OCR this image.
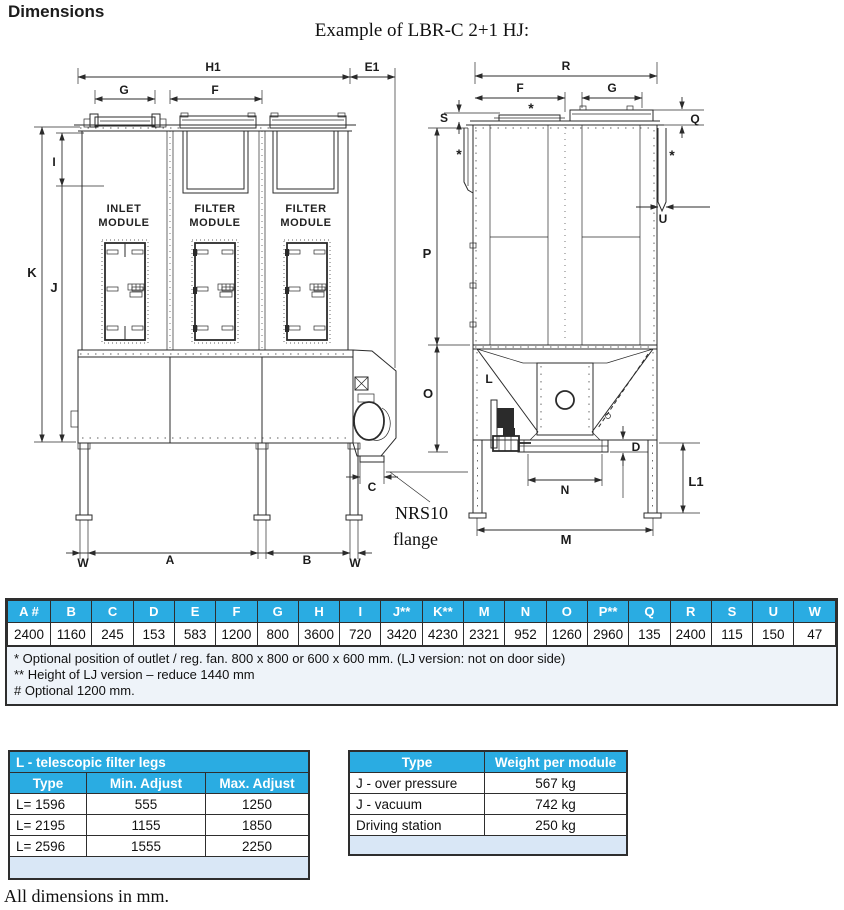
Dimensions
Example of LBR-C 2+1 HJ:
H1	E1
G	F
I
K
J
W	A	B	W
C
INLET
MODULE
FILTER
MODULE
FILTER
MODULE
NRS10
flange
R
F	G
S	Q
U
P
O
L
D
N
L1
M
*
*	*
A #	B	C	D	E	F	G	H	I	J**	K**	M	N	O	P**	Q	R	S	U	W
2400	1160	245	153	583	1200	800	3600	720	3420	4230	2321	952	1260	2960	135	2400	115	150	47
* Optional position of outlet / reg. fan. 800 x 800 or 600 x 600 mm. (LJ version: not on door side)
** Height of LJ version – reduce 1440 mm
# Optional 1200 mm.
L - telescopic filter legs		
Type	Min. Adjust	Max. Adjust
L= 1596	555	1250
L= 2195	1155	1850
L= 2596	1555	2250

Type	Weight per module
J - over pressure	567 kg
J - vacuum	742 kg
Driving station	250 kg

All dimensions in mm.
